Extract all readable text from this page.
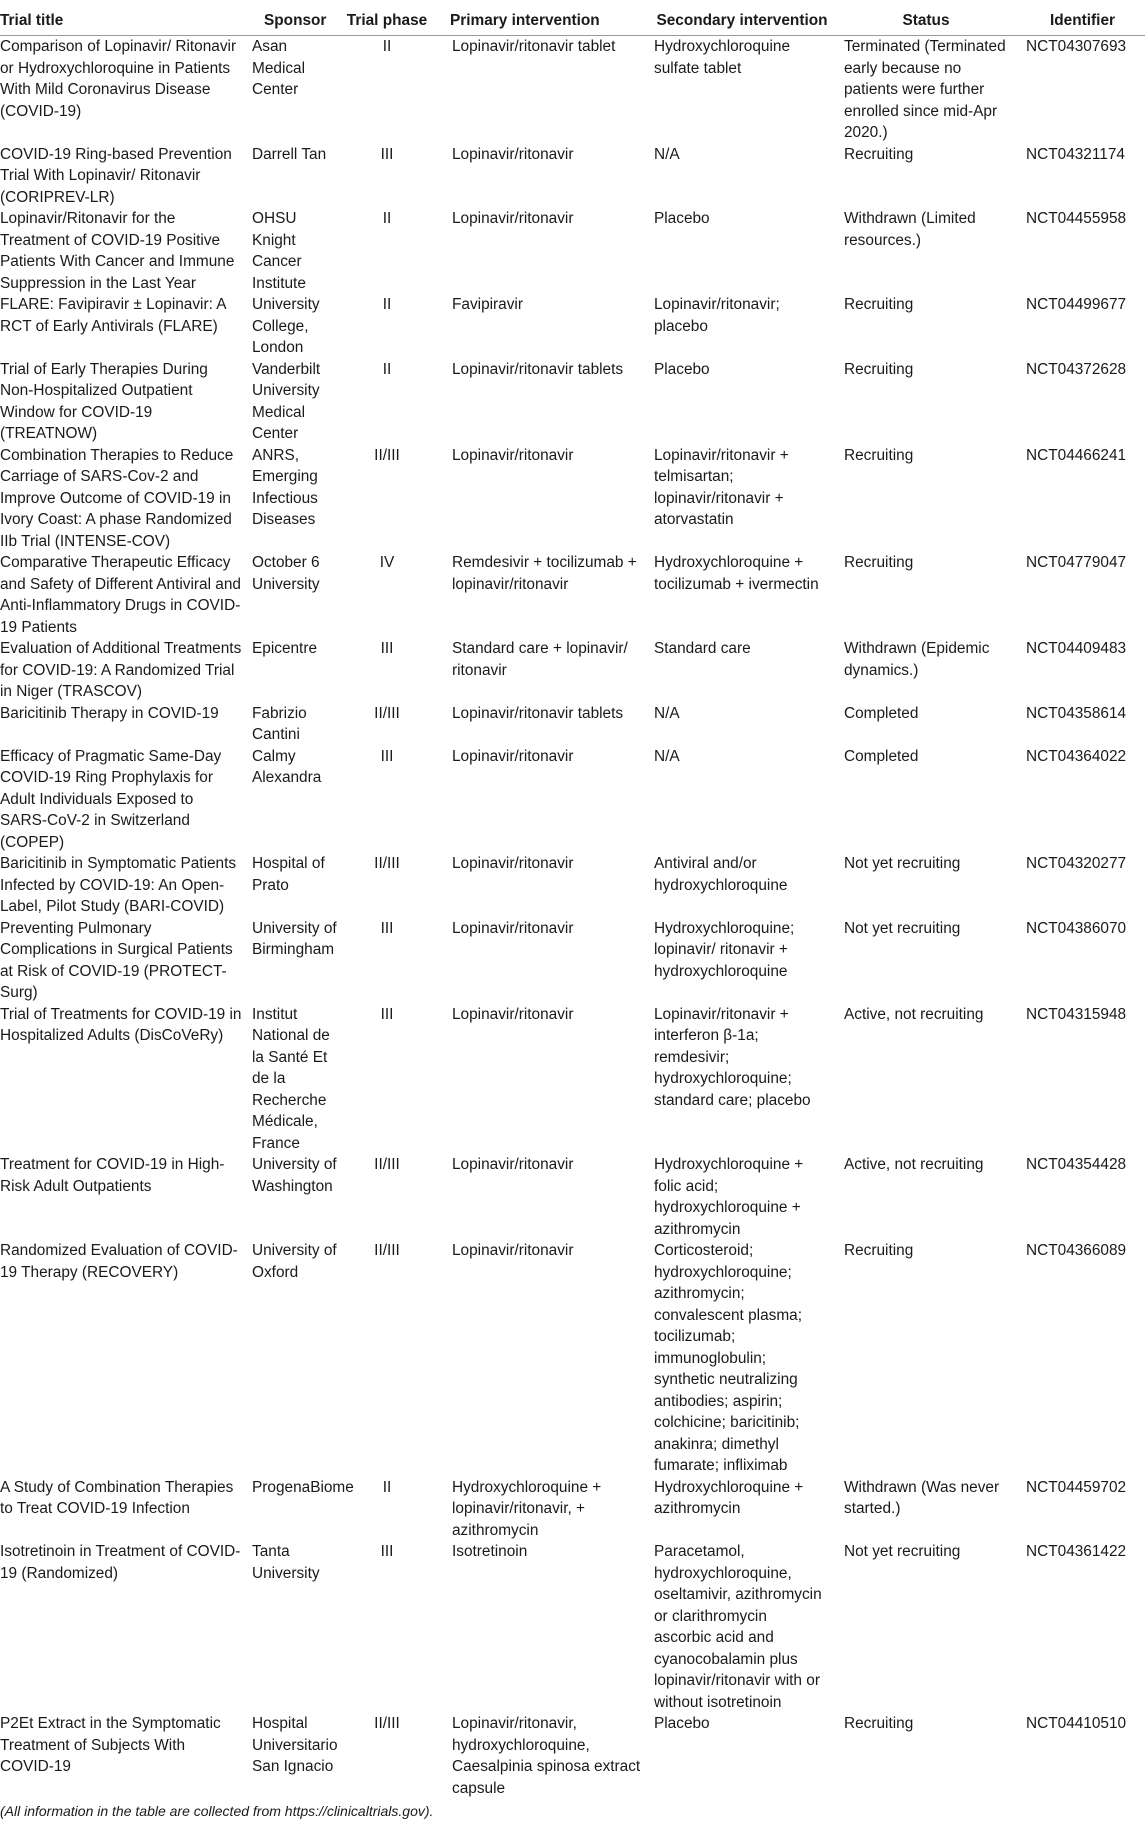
Trial title	Sponsor	Trial phase	Primary intervention	Secondary intervention	Status	Identifier
Comparison of Lopinavir/ Ritonavir or Hydroxychloroquine in Patients With Mild Coronavirus Disease (COVID-19)	Asan Medical Center	II	Lopinavir/ritonavir tablet	Hydroxychloroquine sulfate tablet	Terminated (Terminated early because no patients were further enrolled since mid-Apr 2020.)	NCT04307693
COVID-19 Ring-based Prevention Trial With Lopinavir/ Ritonavir (CORIPREV-LR)	Darrell Tan	III	Lopinavir/ritonavir	N/A	Recruiting	NCT04321174
Lopinavir/Ritonavir for the Treatment of COVID-19 Positive Patients With Cancer and Immune Suppression in the Last Year	OHSU Knight Cancer Institute	II	Lopinavir/ritonavir	Placebo	Withdrawn (Limited resources.)	NCT04455958
FLARE: Favipiravir ± Lopinavir: A RCT of Early Antivirals (FLARE)	University College, London	II	Favipiravir	Lopinavir/ritonavir; placebo	Recruiting	NCT04499677
Trial of Early Therapies During Non-Hospitalized Outpatient Window for COVID-19 (TREATNOW)	Vanderbilt University Medical Center	II	Lopinavir/ritonavir tablets	Placebo	Recruiting	NCT04372628
Combination Therapies to Reduce Carriage of SARS-Cov-2 and Improve Outcome of COVID-19 in Ivory Coast: A phase Randomized IIb Trial (INTENSE-COV)	ANRS, Emerging Infectious Diseases	II/III	Lopinavir/ritonavir	Lopinavir/ritonavir + telmisartan; lopinavir/ritonavir + atorvastatin	Recruiting	NCT04466241
Comparative Therapeutic Efficacy and Safety of Different Antiviral and Anti-Inflammatory Drugs in COVID-19 Patients	October 6 University	IV	Remdesivir + tocilizumab + lopinavir/ritonavir	Hydroxychloroquine + tocilizumab + ivermectin	Recruiting	NCT04779047
Evaluation of Additional Treatments for COVID-19: A Randomized Trial in Niger (TRASCOV)	Epicentre	III	Standard care + lopinavir/ ritonavir	Standard care	Withdrawn (Epidemic dynamics.)	NCT04409483
Baricitinib Therapy in COVID-19	Fabrizio Cantini	II/III	Lopinavir/ritonavir tablets	N/A	Completed	NCT04358614
Efficacy of Pragmatic Same-Day COVID-19 Ring Prophylaxis for Adult Individuals Exposed to SARS-CoV-2 in Switzerland (COPEP)	Calmy Alexandra	III	Lopinavir/ritonavir	N/A	Completed	NCT04364022
Baricitinib in Symptomatic Patients Infected by COVID-19: An Open-Label, Pilot Study (BARI-COVID)	Hospital of Prato	II/III	Lopinavir/ritonavir	Antiviral and/or hydroxychloroquine	Not yet recruiting	NCT04320277
Preventing Pulmonary Complications in Surgical Patients at Risk of COVID-19 (PROTECT-Surg)	University of Birmingham	III	Lopinavir/ritonavir	Hydroxychloroquine; lopinavir/ ritonavir + hydroxychloroquine	Not yet recruiting	NCT04386070
Trial of Treatments for COVID-19 in Hospitalized Adults (DisCoVeRy)	Institut National de la Santé Et de la Recherche Médicale, France	III	Lopinavir/ritonavir	Lopinavir/ritonavir + interferon β-1a; remdesivir; hydroxychloroquine; standard care; placebo	Active, not recruiting	NCT04315948
Treatment for COVID-19 in High-Risk Adult Outpatients	University of Washington	II/III	Lopinavir/ritonavir	Hydroxychloroquine + folic acid; hydroxychloroquine + azithromycin	Active, not recruiting	NCT04354428
Randomized Evaluation of COVID-19 Therapy (RECOVERY)	University of Oxford	II/III	Lopinavir/ritonavir	Corticosteroid; hydroxychloroquine; azithromycin; convalescent plasma; tocilizumab; immunoglobulin; synthetic neutralizing antibodies; aspirin; colchicine; baricitinib; anakinra; dimethyl fumarate; infliximab	Recruiting	NCT04366089
A Study of Combination Therapies to Treat COVID-19 Infection	ProgenaBiome	II	Hydroxychloroquine + lopinavir/ritonavir, + azithromycin	Hydroxychloroquine + azithromycin	Withdrawn (Was never started.)	NCT04459702
Isotretinoin in Treatment of COVID-19 (Randomized)	Tanta University	III	Isotretinoin	Paracetamol, hydroxychloroquine, oseltamivir, azithromycin or clarithromycin ascorbic acid and cyanocobalamin plus lopinavir/ritonavir with or without isotretinoin	Not yet recruiting	NCT04361422
P2Et Extract in the Symptomatic Treatment of Subjects With COVID-19	Hospital Universitario San Ignacio	II/III	Lopinavir/ritonavir, hydroxychloroquine, Caesalpinia spinosa extract capsule	Placebo	Recruiting	NCT04410510
(All information in the table are collected from https://clinicaltrials.gov).
